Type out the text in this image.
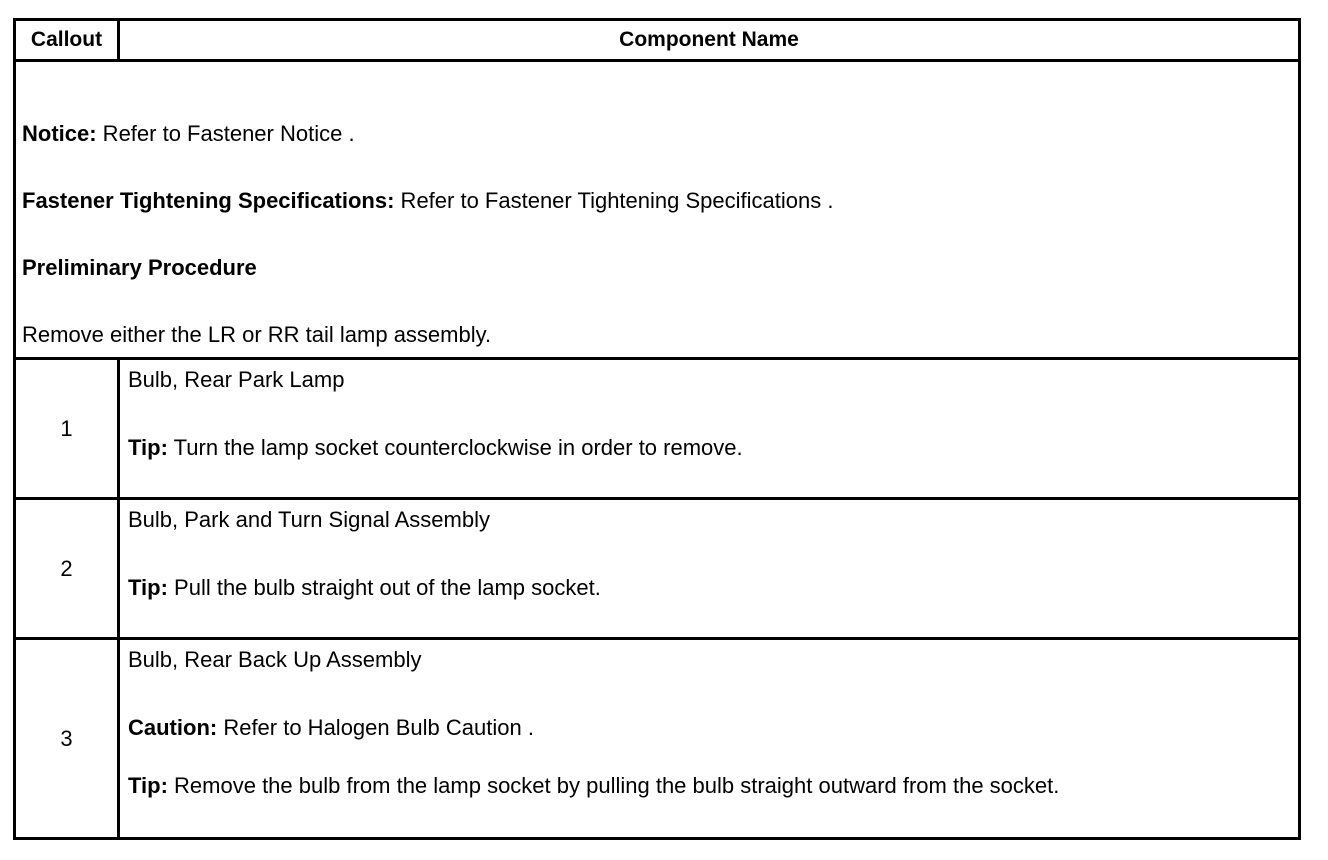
Callout	Component Name

Notice: Refer to Fastener Notice .

Fastener Tightening Specifications: Refer to Fastener Tightening Specifications .

Preliminary Procedure

Remove either the LR or RR tail lamp assembly.	

1	Bulb, Rear Park Lamp

Tip: Turn the lamp socket counterclockwise in order to remove.

2	Bulb, Park and Turn Signal Assembly

Tip: Pull the bulb straight out of the lamp socket.

3	Bulb, Rear Back Up Assembly

Caution: Refer to Halogen Bulb Caution .

Tip: Remove the bulb from the lamp socket by pulling the bulb straight outward from the socket.
